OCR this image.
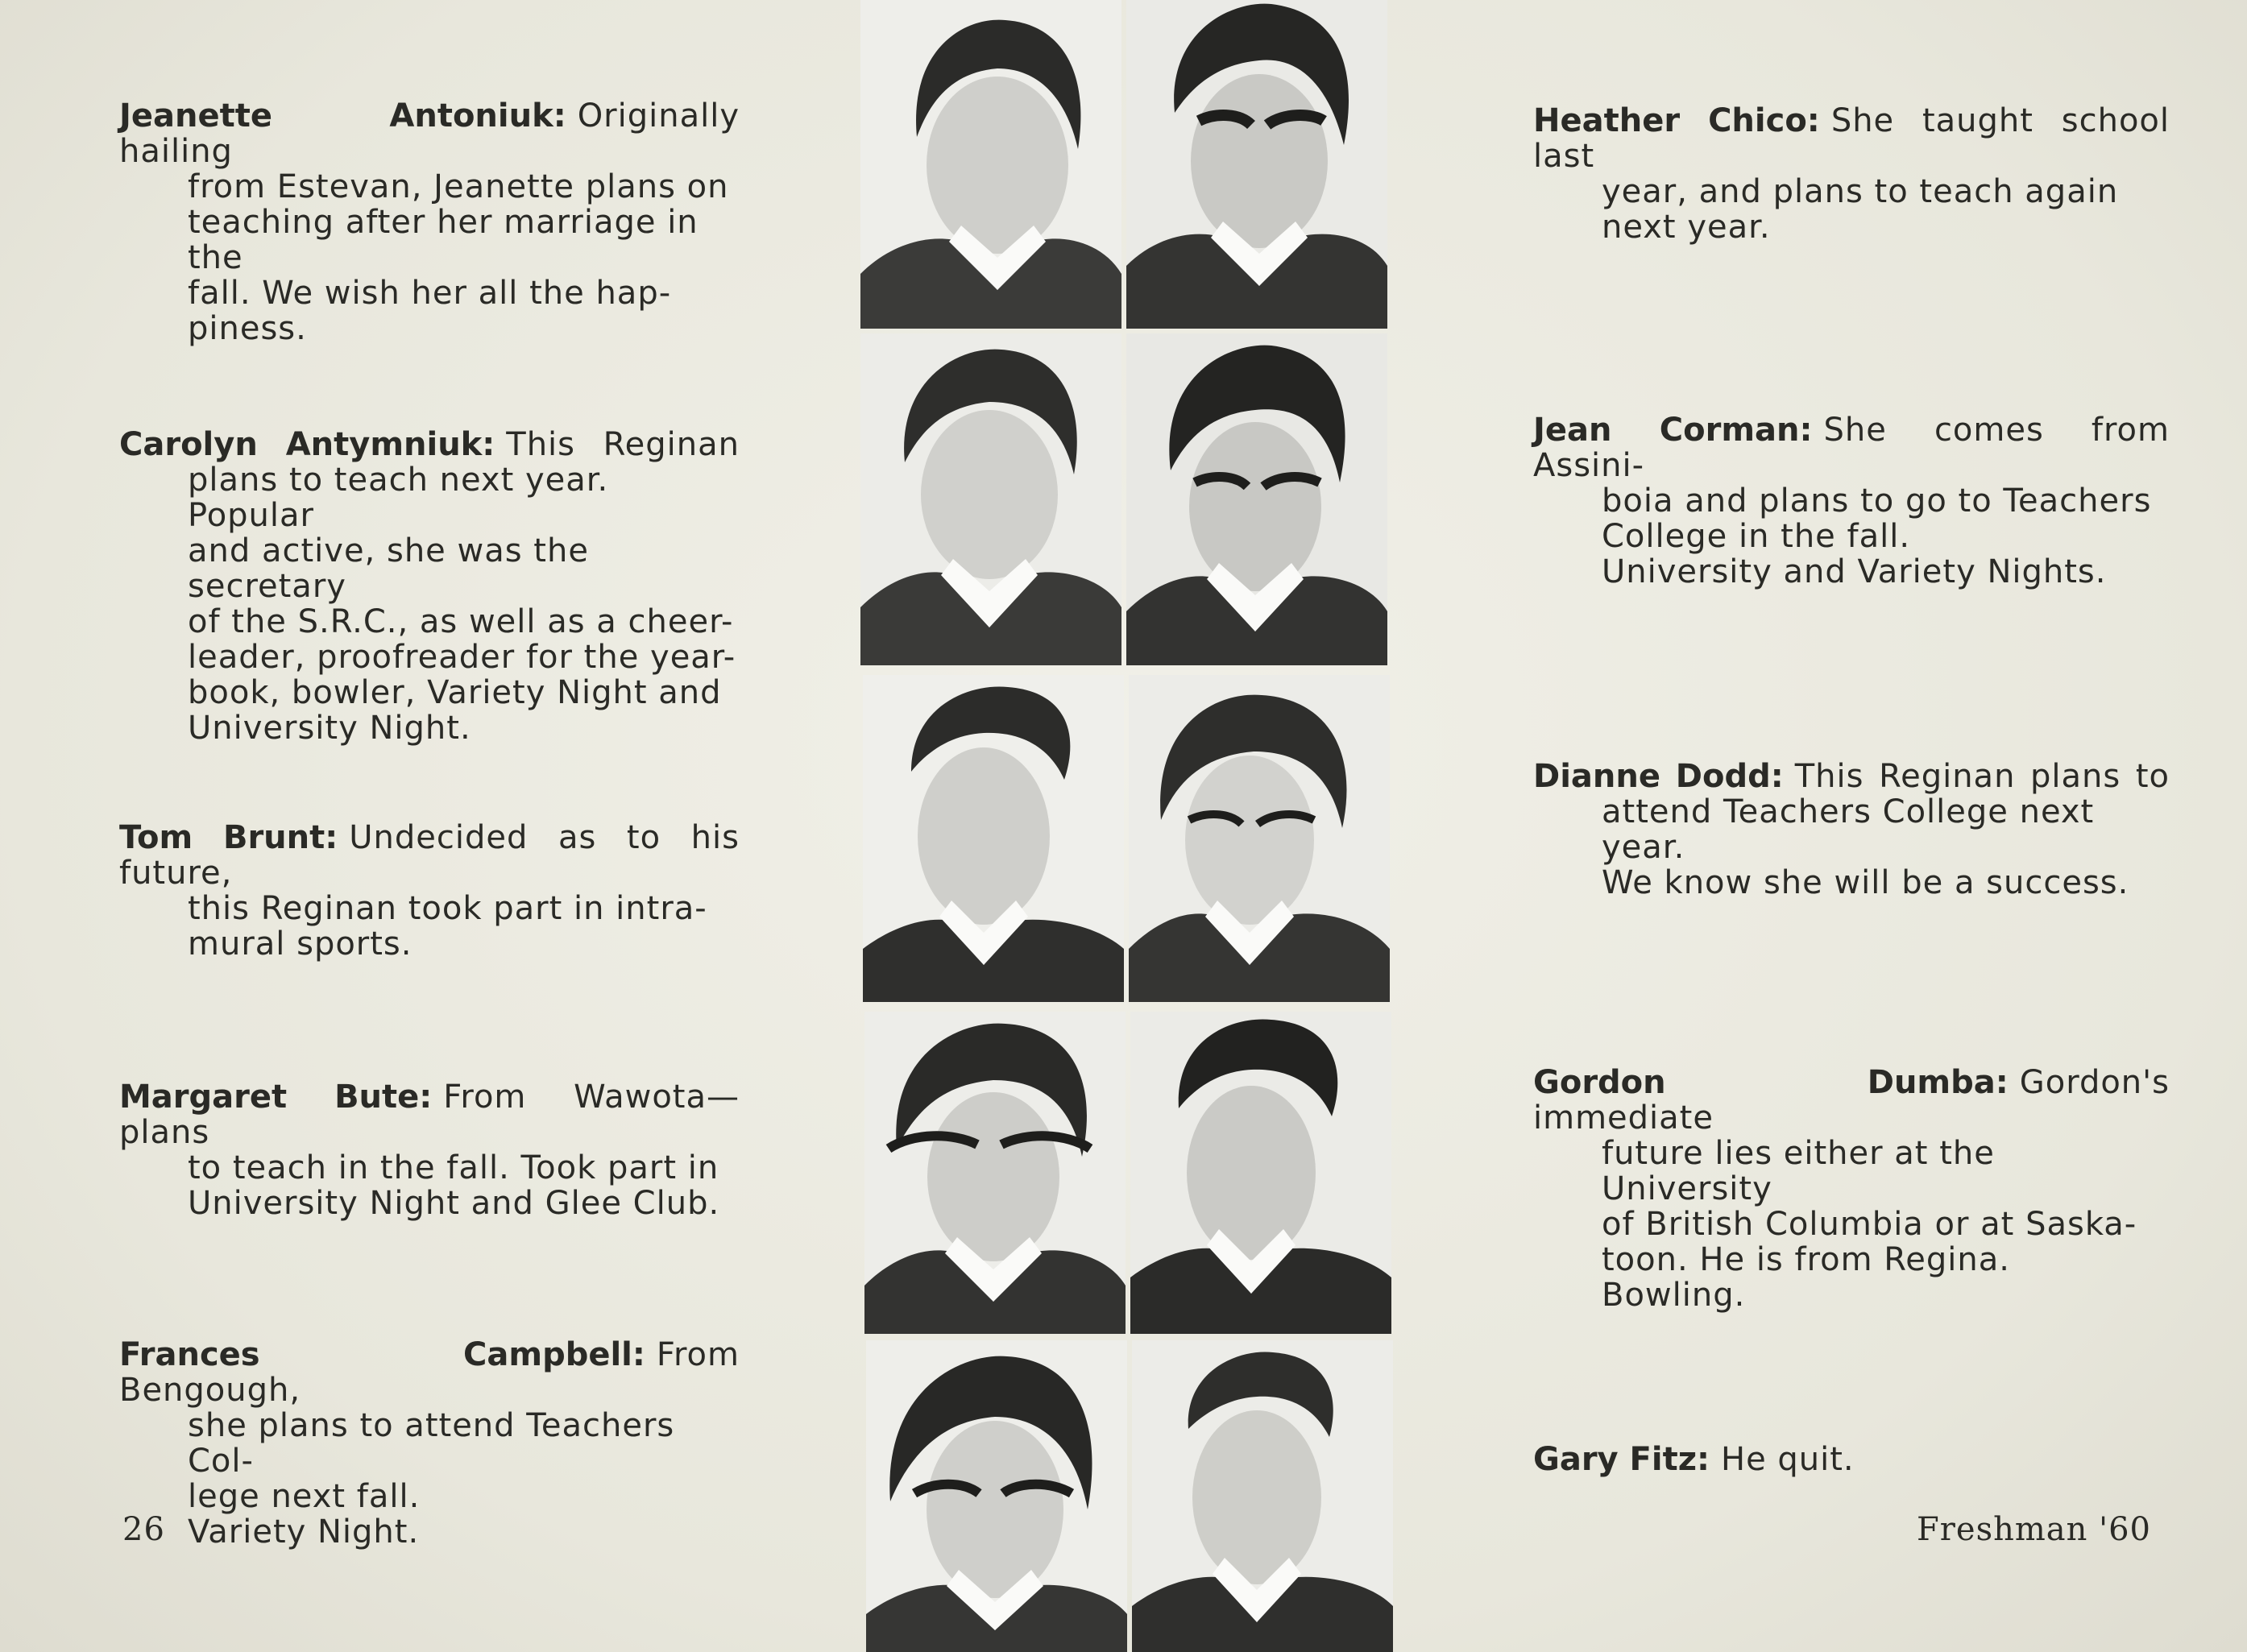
Jeanette Antoniuk: Originally hailing
from Estevan, Jeanette plans on
teaching after her marriage in the
fall. We wish her all the hap-
piness.
Carolyn Antymniuk: This Reginan
plans to teach next year. Popular
and active, she was the secretary
of the S.R.C., as well as a cheer-
leader, proofreader for the year-
book, bowler, Variety Night and
University Night.
Tom Brunt: Undecided as to his future,
this Reginan took part in intra-
mural sports.
Margaret Bute: From Wawota—plans
to teach in the fall. Took part in
University Night and Glee Club.
Frances Campbell: From Bengough,
she plans to attend Teachers Col-
lege next fall.
Variety Night.
Heather Chico: She taught school last
year, and plans to teach again
next year.
Jean Corman: She comes from Assini-
boia and plans to go to Teachers
College in the fall.
University and Variety Nights.
Dianne Dodd: This Reginan plans to
attend Teachers College next year.
We know she will be a success.
Gordon Dumba: Gordon's immediate
future lies either at the University
of British Columbia or at Saska-
toon. He is from Regina.
Bowling.
Gary Fitz: He quit.
26	Freshman '60
